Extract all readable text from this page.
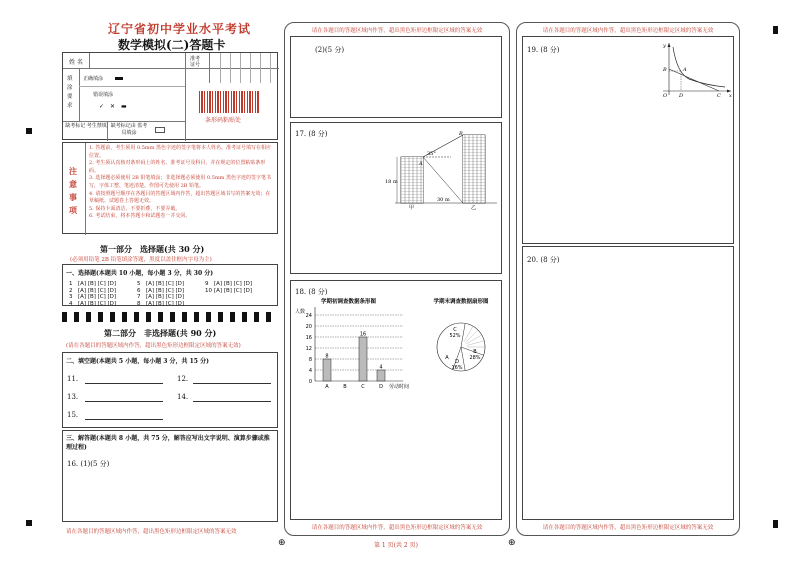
辽宁省初中学业水平考试
数学模拟(二)答题卡
姓 名	准考 证号
填 涂 要 求
正确填涂
错误填涂
✓✕▬
缺考标记 考生禁填 缺考标记由 监考员填涂
条形码粘贴处
注 意 事 项
1. 答题前，考生须用 0.5mm 黑色字迹的签字笔将本人姓名、准考证号填写在相应位置。
2. 考生须认真核对条形码上的姓名、准考证号及科目，并在规定的位置粘贴条形码。
3. 选择题必须使用 2B 铅笔填涂；非选择题必须使用 0.5mm 黑色字迹的签字笔书写，字体工整、笔迹清楚。作图可先使用 2B 铅笔。
4. 请按照题号顺序在各题目的答题区域内作答，超出答题区域书写的答案无效；在草稿纸、试题卷上答题无效。
5. 保持卡面清洁，不要折叠，不要弄破。
6. 考试结束，将本答题卡和试题卷一并交回。
第一部分　选择题(共 30 分)
(必须用铅笔 2B 铅笔填涂答题，黑度以盖住框内字母为主)
一、选择题(本题共 10 小题，每小题 3 分，共 30 分)
1[A] [B] [C] [D]	5[A] [B] [C] [D]	9[A] [B] [C] [D]
2[A] [B] [C] [D]	6[A] [B] [C] [D]	10[A] [B] [C] [D]
3[A] [B] [C] [D]	7[A] [B] [C] [D]
4[A] [B] [C] [D]	8[A] [B] [C] [D]
第二部分　非选择题(共 90 分)
(请在各题目的答题区域内作答，超出黑色矩形边框限定区域的答案无效)
二、填空题(本题共 5 小题，每小题 3 分，共 15 分)
11.	12.
13.	14.
15.
三、解答题(本题共 8 小题，共 75 分，解答应写出文字说明、演算步骤或推理过程)
16. (1)(5 分)
请在各题目的答题区域内作答，超出黑色矩形边框限定区域的答案无效
请在各题目的答题区域内作答，超出黑色矩形边框限定区域的答案无效
(2)(5 分)
17. (8 分)
35°
18 m
30 m
A
B
甲	乙
18. (8 分)
学期初调查数据条形图
人数
0
4
8
12
16
20
24
8
A	B
16
C
4
D 劳动时间
学期末调查数据扇形图
C
52%
B
28%
D
16%
A
请在各题目的答题区域内作答，超出黑色矩形边框限定区域的答案无效
第 1 页(共 2 页)
⊕	⊕
请在各题目的答题区域内作答，超出黑色矩形边框限定区域的答案无效
19. (8 分)	y
x
O
A
B
C
D
20. (8 分)
请在各题目的答题区域内作答，超出黑色矩形边框限定区域的答案无效
